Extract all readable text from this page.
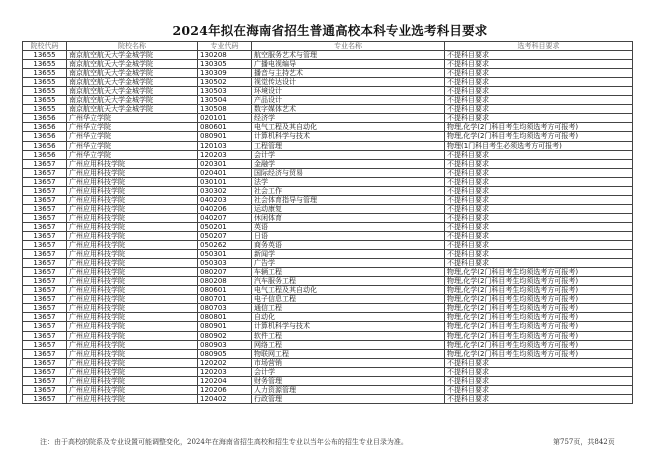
2024年拟在海南省招生普通高校本科专业选考科目要求
院校代码	院校名称	专业代码	专业名称	选考科目要求
13655	南京航空航天大学金城学院	130208	航空服务艺术与管理	不提科目要求
13655	南京航空航天大学金城学院	130305	广播电视编导	不提科目要求
13655	南京航空航天大学金城学院	130309	播音与主持艺术	不提科目要求
13655	南京航空航天大学金城学院	130502	视觉传达设计	不提科目要求
13655	南京航空航天大学金城学院	130503	环境设计	不提科目要求
13655	南京航空航天大学金城学院	130504	产品设计	不提科目要求
13655	南京航空航天大学金城学院	130508	数字媒体艺术	不提科目要求
13656	广州华立学院	020101	经济学	不提科目要求
13656	广州华立学院	080601	电气工程及其自动化	物理,化学(2门科目考生均须选考方可报考)
13656	广州华立学院	080901	计算机科学与技术	物理,化学(2门科目考生均须选考方可报考)
13656	广州华立学院	120103	工程管理	物理(1门科目考生必须选考方可报考)
13656	广州华立学院	120203	会计学	不提科目要求
13657	广州应用科技学院	020301	金融学	不提科目要求
13657	广州应用科技学院	020401	国际经济与贸易	不提科目要求
13657	广州应用科技学院	030101	法学	不提科目要求
13657	广州应用科技学院	030302	社会工作	不提科目要求
13657	广州应用科技学院	040203	社会体育指导与管理	不提科目要求
13657	广州应用科技学院	040206	运动康复	不提科目要求
13657	广州应用科技学院	040207	休闲体育	不提科目要求
13657	广州应用科技学院	050201	英语	不提科目要求
13657	广州应用科技学院	050207	日语	不提科目要求
13657	广州应用科技学院	050262	商务英语	不提科目要求
13657	广州应用科技学院	050301	新闻学	不提科目要求
13657	广州应用科技学院	050303	广告学	不提科目要求
13657	广州应用科技学院	080207	车辆工程	物理,化学(2门科目考生均须选考方可报考)
13657	广州应用科技学院	080208	汽车服务工程	物理,化学(2门科目考生均须选考方可报考)
13657	广州应用科技学院	080601	电气工程及其自动化	物理,化学(2门科目考生均须选考方可报考)
13657	广州应用科技学院	080701	电子信息工程	物理,化学(2门科目考生均须选考方可报考)
13657	广州应用科技学院	080703	通信工程	物理,化学(2门科目考生均须选考方可报考)
13657	广州应用科技学院	080801	自动化	物理,化学(2门科目考生均须选考方可报考)
13657	广州应用科技学院	080901	计算机科学与技术	物理,化学(2门科目考生均须选考方可报考)
13657	广州应用科技学院	080902	软件工程	物理,化学(2门科目考生均须选考方可报考)
13657	广州应用科技学院	080903	网络工程	物理,化学(2门科目考生均须选考方可报考)
13657	广州应用科技学院	080905	物联网工程	物理,化学(2门科目考生均须选考方可报考)
13657	广州应用科技学院	120202	市场营销	不提科目要求
13657	广州应用科技学院	120203	会计学	不提科目要求
13657	广州应用科技学院	120204	财务管理	不提科目要求
13657	广州应用科技学院	120206	人力资源管理	不提科目要求
13657	广州应用科技学院	120402	行政管理	不提科目要求
注：由于高校的院系及专业设置可能调整变化，2024年在海南省招生高校和招生专业以当年公布的招生专业目录为准。	第757页，共842页
